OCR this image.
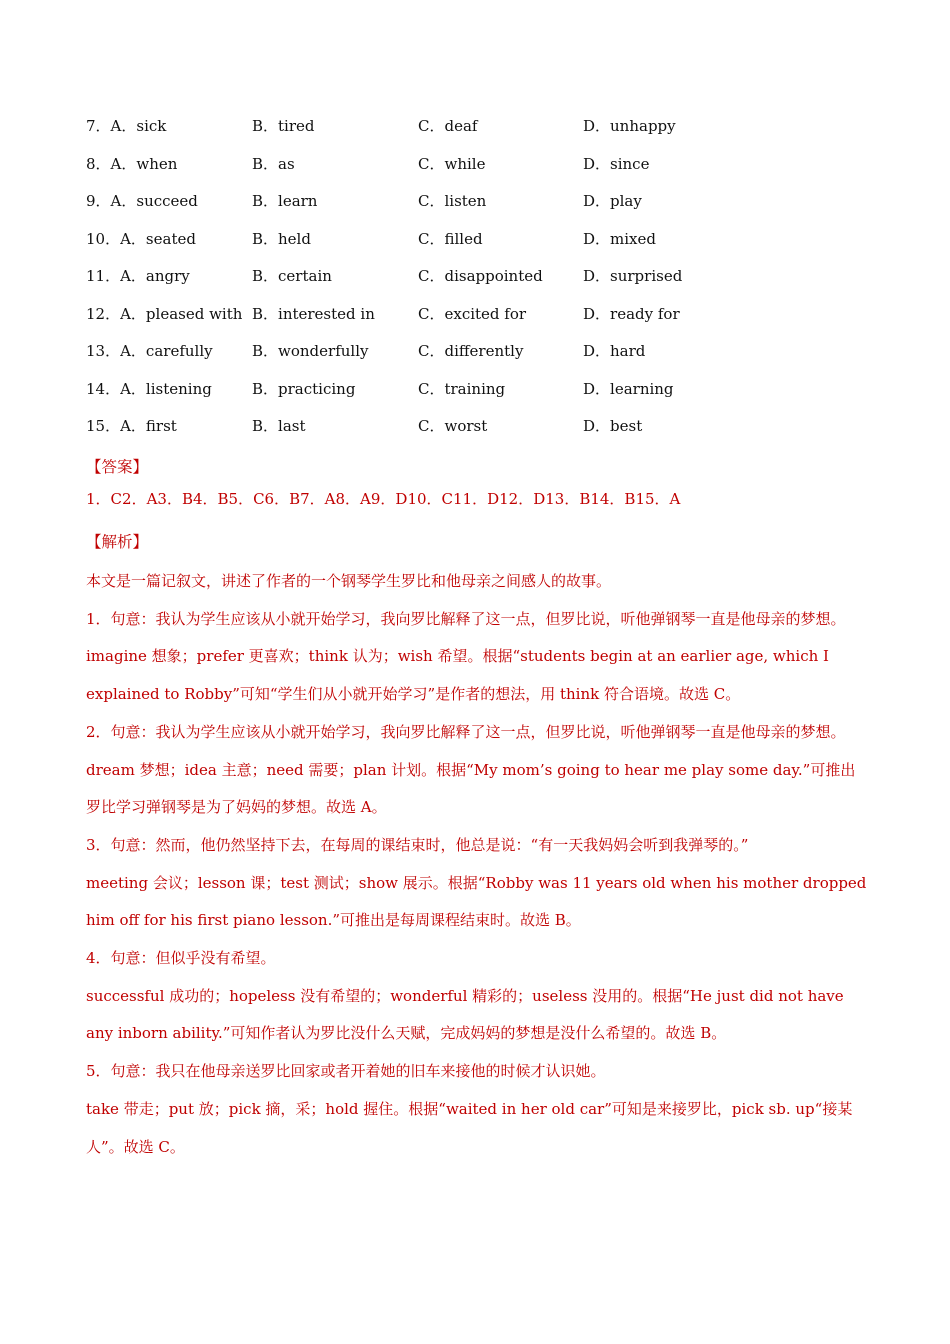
7．A．sick	B．tired	C．deaf	D．unhappy
8．A．when	B．as	C．while	D．since
9．A．succeed	B．learn	C．listen	D．play
10．A．seated	B．held	C．filled	D．mixed
11．A．angry	B．certain	C．disappointed	D．surprised
12．A．pleased with B．interested in	C．excited for	D．ready for
13．A．carefully	B．wonderfully	C．differently	D．hard
14．A．listening	B．practicing	C．training	D．learning
15．A．first	B．last	C．worst	D．best
【答案】
1．C2．A3．B4．B5．C6．B7．A8．A9．D10．C11．D12．D13．B14．B15．A
【解析】
本文是一篇记叙文，讲述了作者的一个钢琴学生罗比和他母亲之间感人的故事。
1．句意：我认为学生应该从小就开始学习，我向罗比解释了这一点，但罗比说，听他弹钢琴一直是他母亲的梦想。
imagine 想象；prefer 更喜欢；think 认为；wish 希望。根据“students begin at an earlier age, which I explained to Robby”可知“学生们从小就开始学习”是作者的想法，用 think 符合语境。故选 C。
2．句意：我认为学生应该从小就开始学习，我向罗比解释了这一点，但罗比说，听他弹钢琴一直是他母亲的梦想。
dream 梦想；idea 主意；need 需要；plan 计划。根据“My mom’s going to hear me play some day.”可推出罗比学习弹钢琴是为了妈妈的梦想。故选 A。
3．句意：然而，他仍然坚持下去，在每周的课结束时，他总是说：“有一天我妈妈会听到我弹琴的。”
meeting 会议；lesson 课；test 测试；show 展示。根据“Robby was 11 years old when his mother dropped him off for his first piano lesson.”可推出是每周课程结束时。故选 B。
4．句意：但似乎没有希望。
successful 成功的；hopeless 没有希望的；wonderful 精彩的；useless 没用的。根据“He just did not have any inborn ability.”可知作者认为罗比没什么天赋，完成妈妈的梦想是没什么希望的。故选 B。
5．句意：我只在他母亲送罗比回家或者开着她的旧车来接他的时候才认识她。
take 带走；put 放；pick 摘，采；hold 握住。根据“waited in her old car”可知是来接罗比，pick sb. up“接某人”。故选 C。
